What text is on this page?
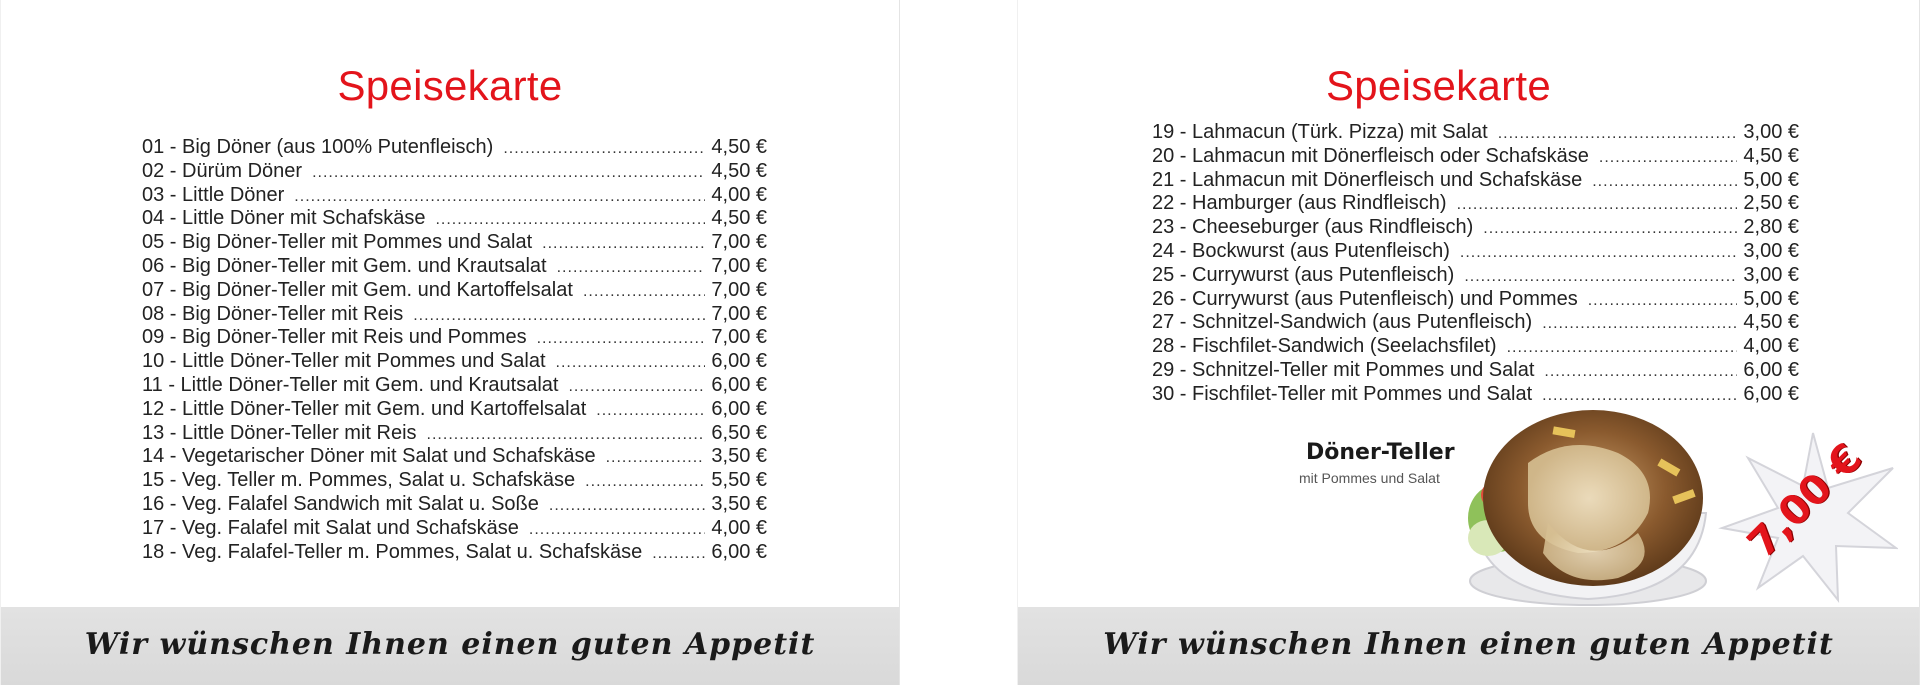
Speisekarte
01 - Big Döner (aus 100% Putenfleisch) .....	4,50 €
02 - Dürüm Döner .....	4,50 €
03 - Little Döner .....	4,00 €
04 - Little Döner mit Schafskäse .....	4,50 €
05 - Big Döner-Teller mit Pommes und Salat .....	7,00 €
06 - Big Döner-Teller mit Gem. und Krautsalat .....	7,00 €
07 - Big Döner-Teller mit Gem. und Kartoffelsalat .....	7,00 €
08 - Big Döner-Teller mit Reis .....	7,00 €
09 - Big Döner-Teller mit Reis und Pommes .....	7,00 €
10 - Little Döner-Teller mit Pommes und Salat .....	6,00 €
11 - Little Döner-Teller mit Gem. und Krautsalat .....	6,00 €
12 - Little Döner-Teller mit Gem. und Kartoffelsalat .....	6,00 €
13 - Little Döner-Teller mit Reis .....	6,50 €
14 - Vegetarischer Döner mit Salat und Schafskäse .....	3,50 €
15 - Veg. Teller m. Pommes, Salat u. Schafskäse .....	5,50 €
16 - Veg. Falafel Sandwich mit Salat u. Soße .....	3,50 €
17 - Veg. Falafel mit Salat und Schafskäse .....	4,00 €
18 - Veg. Falafel-Teller m. Pommes, Salat u. Schafskäse .....	6,00 €
Wir wünschen Ihnen einen guten Appetit
Speisekarte
19 - Lahmacun (Türk. Pizza) mit Salat .....	3,00 €
20 - Lahmacun mit Dönerfleisch oder Schafskäse .....	4,50 €
21 - Lahmacun mit Dönerfleisch und Schafskäse .....	5,00 €
22 - Hamburger (aus Rindfleisch) .....	2,50 €
23 - Cheeseburger (aus Rindfleisch) .....	2,80 €
24 - Bockwurst (aus Putenfleisch) .....	3,00 €
25 - Currywurst (aus Putenfleisch) .....	3,00 €
26 - Currywurst (aus Putenfleisch) und Pommes .....	5,00 €
27 - Schnitzel-Sandwich (aus Putenfleisch) .....	4,50 €
28 - Fischfilet-Sandwich (Seelachsfilet) .....	4,00 €
29 - Schnitzel-Teller mit Pommes und Salat .....	6,00 €
30 - Fischfilet-Teller mit Pommes und Salat .....	6,00 €
Döner-Teller
mit Pommes und Salat	7,00 €
Wir wünschen Ihnen einen guten Appetit
